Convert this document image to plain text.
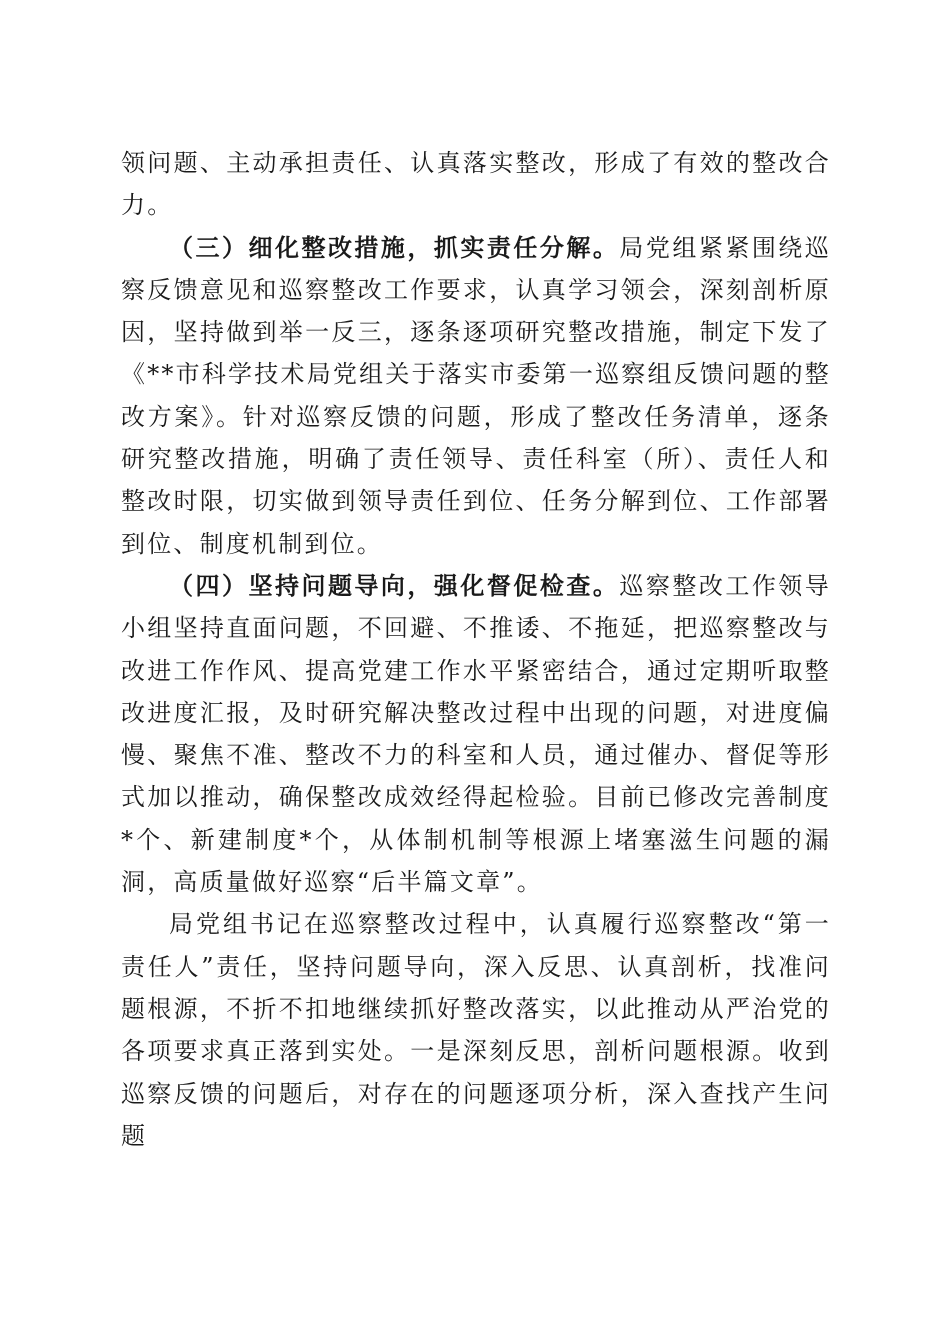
领问题、主动承担责任、认真落实整改，形成了有效的整改合力。

（三）细化整改措施，抓实责任分解。局党组紧紧围绕巡察反馈意见和巡察整改工作要求，认真学习领会，深刻剖析原因，坚持做到举一反三，逐条逐项研究整改措施，制定下发了《**市科学技术局党组关于落实市委第一巡察组反馈问题的整改方案》。针对巡察反馈的问题，形成了整改任务清单，逐条研究整改措施，明确了责任领导、责任科室（所）、责任人和整改时限，切实做到领导责任到位、任务分解到位、工作部署到位、制度机制到位。

（四）坚持问题导向，强化督促检查。巡察整改工作领导小组坚持直面问题，不回避、不推诿、不拖延，把巡察整改与改进工作作风、提高党建工作水平紧密结合，通过定期听取整改进度汇报，及时研究解决整改过程中出现的问题，对进度偏慢、聚焦不准、整改不力的科室和人员，通过催办、督促等形式加以推动，确保整改成效经得起检验。目前已修改完善制度*个、新建制度*个，从体制机制等根源上堵塞滋生问题的漏洞，高质量做好巡察“后半篇文章”。

局党组书记在巡察整改过程中，认真履行巡察整改“第一责任人”责任，坚持问题导向，深入反思、认真剖析，找准问题根源，不折不扣地继续抓好整改落实，以此推动从严治党的各项要求真正落到实处。一是深刻反思，剖析问题根源。收到巡察反馈的问题后，对存在的问题逐项分析，深入查找产生问题
